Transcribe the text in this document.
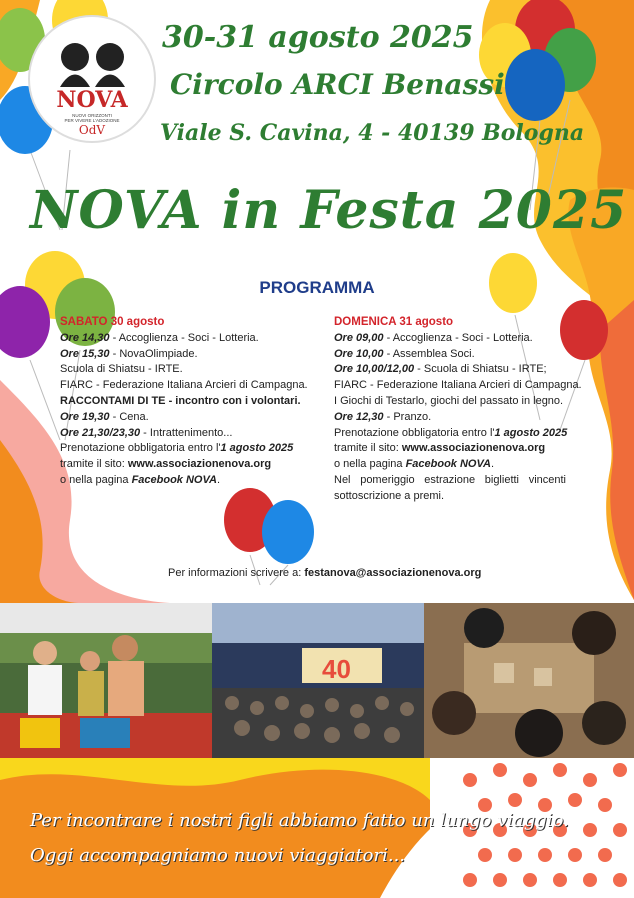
NOVA
NUOVI ORIZZONTI
PER VIVERE L'ADOZIONE
OdV
30-31 agosto 2025
Circolo ARCI Benassi
Viale S. Cavina, 4 - 40139 Bologna
NOVA in Festa 2025
PROGRAMMA
SABATO 30 agosto
Ore 14,30 - Accoglienza - Soci - Lotteria.
Ore 15,30 - NovaOlimpiade.
Scuola di Shiatsu - IRTE.
FIARC - Federazione Italiana Arcieri di Campagna.
RACCONTAMI DI TE - incontro con i volontari.
Ore 19,30 - Cena.
Ore 21,30/23,30 - Intrattenimento...
Prenotazione obbligatoria entro l'1 agosto 2025
tramite il sito: www.associazionenova.org
o nella pagina Facebook NOVA.
DOMENICA 31 agosto
Ore 09,00 - Accoglienza - Soci - Lotteria.
Ore 10,00 - Assemblea Soci.
Ore 10,00/12,00 - Scuola di Shiatsu - IRTE;
FIARC - Federazione Italiana Arcieri di Campagna.
I Giochi di Testarlo, giochi del passato in legno.
Ore 12,30 - Pranzo.
Prenotazione obbligatoria entro l'1 agosto 2025
tramite il sito: www.associazionenova.org
o nella pagina Facebook NOVA.
Nel pomeriggio estrazione biglietti vincenti sottoscrizione a premi.
Per informazioni scrivere a: festanova@associazionenova.org
40
Per incontrare i nostri figli abbiamo fatto un lungo viaggio.
Oggi accompagniamo nuovi viaggiatori...
